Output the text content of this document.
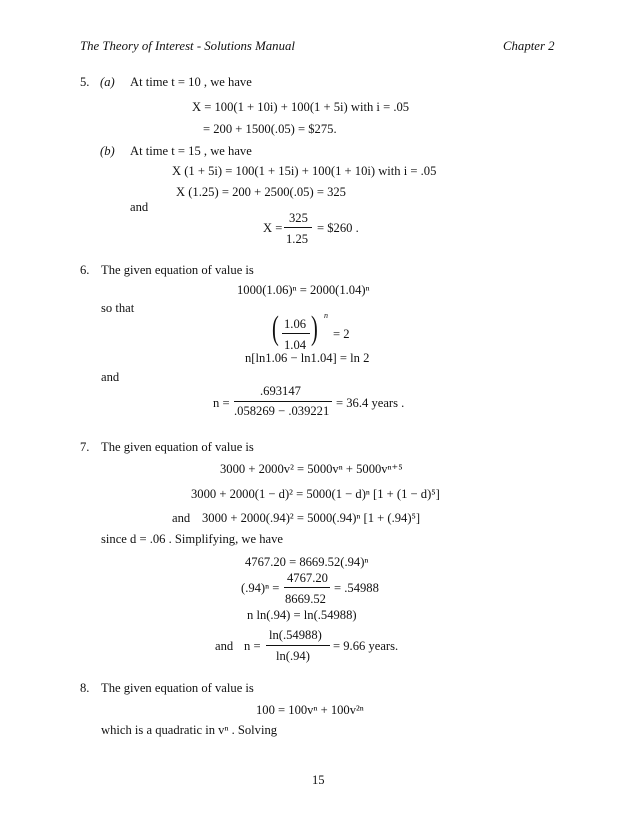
The Theory of Interest - Solutions Manual	Chapter 2
5. (a) At time t = 10 , we have
X = 100(1 + 10i) + 100(1 + 5i) with i = .05
= 200 + 1500(.05) = $275.
(b) At time t = 15 , we have
X (1 + 5i) = 100(1 + 15i) + 100(1 + 10i) with i = .05
X (1.25) = 200 + 2500(.05) = 325
and
X =
325
1.25
= $260 .
6. The given equation of value is
1000(1.06)ⁿ = 2000(1.04)ⁿ
so that
( 1.06
1.04 ) n
= 2
n[ln1.06 − ln1.04] = ln 2
and
n =
.693147
.058269 − .039221
= 36.4 years .
7. The given equation of value is
3000 + 2000v² = 5000vⁿ + 5000vⁿ⁺⁵
3000 + 2000(1 − d)² = 5000(1 − d)ⁿ [1 + (1 − d)⁵]
and 3000 + 2000(.94)² = 5000(.94)ⁿ [1 + (.94)⁵]
since d = .06 . Simplifying, we have
4767.20 = 8669.52(.94)ⁿ
(.94)ⁿ =
4767.20
8669.52
= .54988
n ln(.94) = ln(.54988)
and n =
ln(.54988)
ln(.94)
= 9.66 years.
8. The given equation of value is
100 = 100vⁿ + 100v²ⁿ
which is a quadratic in vⁿ . Solving
15
